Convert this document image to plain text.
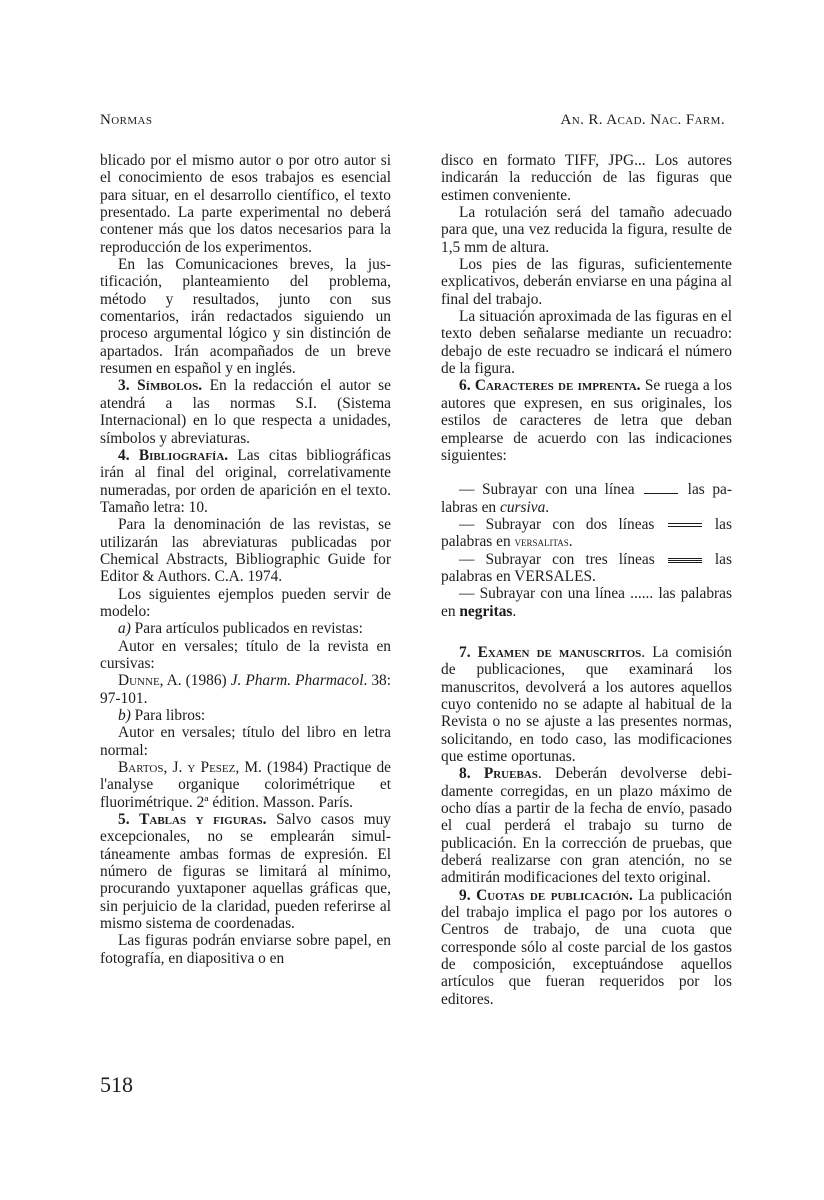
Normas	An. R. Acad. Nac. Farm.

blicado por el mismo autor o por otro autor si el conocimiento de esos trabajos es esencial para situar, en el desarrollo científico, el texto presentado. La parte experimental no deberá contener más que los datos necesarios para la reproducción de los experimentos.

En las Comunicaciones breves, la justificación, planteamiento del problema, método y resultados, junto con sus comentarios, irán redactados siguiendo un proceso argumental lógico y sin distinción de apartados. Irán acompañados de un breve resumen en español y en inglés.

3. Símbolos. En la redacción el autor se atendrá a las normas S.I. (Sistema Internacional) en lo que respecta a unidades, símbolos y abreviaturas.

4. Bibliografía. Las citas bibliográficas irán al final del original, correlativamente numeradas, por orden de aparición en el texto. Tamaño letra: 10.

Para la denominación de las revistas, se utilizarán las abreviaturas publicadas por Chemical Abstracts, Bibliographic Guide for Editor & Authors. C.A. 1974.

Los siguientes ejemplos pueden servir de modelo:

a) Para artículos publicados en revistas:

Autor en versales; título de la revista en cursivas:

Dunne, A. (1986) J. Pharm. Pharmacol. 38: 97-101.

b) Para libros:

Autor en versales; título del libro en letra normal:

Bartos, J. y Pesez, M. (1984) Practique de l'analyse organique colorimétrique et fluorimétrique. 2ª édition. Masson. París.

5. Tablas y figuras. Salvo casos muy excepcionales, no se emplearán simultáneamente ambas formas de expresión. El número de figuras se limitará al mínimo, procurando yuxtaponer aquellas gráficas que, sin perjuicio de la claridad, pueden referirse al mismo sistema de coordenadas.

Las figuras podrán enviarse sobre papel, en fotografía, en diapositiva o en

disco en formato TIFF, JPG... Los autores indicarán la reducción de las figuras que estimen conveniente.

La rotulación será del tamaño adecuado para que, una vez reducida la figura, resulte de 1,5 mm de altura.

Los pies de las figuras, suficientemente explicativos, deberán enviarse en una página al final del trabajo.

La situación aproximada de las figuras en el texto deben señalarse mediante un recuadro: debajo de este recuadro se indicará el número de la figura.

6. Caracteres de imprenta. Se ruega a los autores que expresen, en sus originales, los estilos de caracteres de letra que deban emplearse de acuerdo con las indicaciones siguientes:

— Subrayar con una línea	las palabras en cursiva.

— Subrayar con dos líneas	las palabras en versalitas.

— Subrayar con tres líneas	las palabras en VERSALES.

— Subrayar con una línea ...... las palabras en negritas.

7. Examen de manuscritos. La comisión de publicaciones, que examinará los manuscritos, devolverá a los autores aquellos cuyo contenido no se adapte al habitual de la Revista o no se ajuste a las presentes normas, solicitando, en todo caso, las modificaciones que estime oportunas.

8. Pruebas. Deberán devolverse debidamente corregidas, en un plazo máximo de ocho días a partir de la fecha de envío, pasado el cual perderá el trabajo su turno de publicación. En la corrección de pruebas, que deberá realizarse con gran atención, no se admitirán modificaciones del texto original.

9. Cuotas de publicación. La publicación del trabajo implica el pago por los autores o Centros de trabajo, de una cuota que corresponde sólo al coste parcial de los gastos de composición, exceptuándose aquellos artículos que fueran requeridos por los editores.

518
